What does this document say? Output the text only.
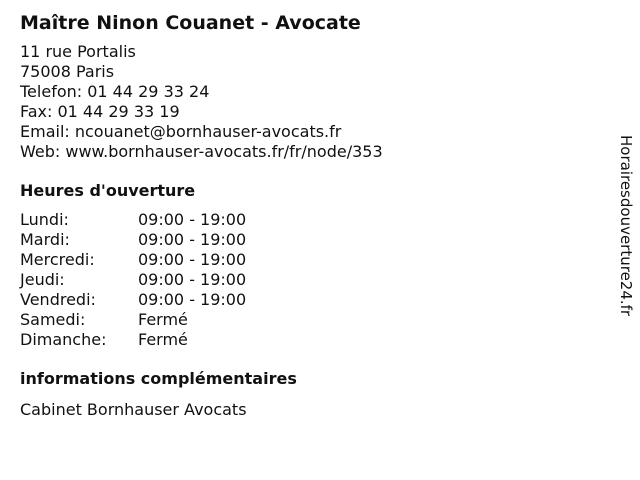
Maître Ninon Couanet - Avocate
11 rue Portalis
75008 Paris
Telefon: 01 44 29 33 24
Fax: 01 44 29 33 19
Email: ncouanet@bornhauser-avocats.fr
Web: www.bornhauser-avocats.fr/fr/node/353
Heures d'ouverture
Lundi:	09:00 - 19:00
Mardi:	09:00 - 19:00
Mercredi:	09:00 - 19:00
Jeudi:	09:00 - 19:00
Vendredi:	09:00 - 19:00
Samedi:	Fermé
Dimanche:	Fermé
informations complémentaires
Cabinet Bornhauser Avocats
Horairesdouverture24.fr
